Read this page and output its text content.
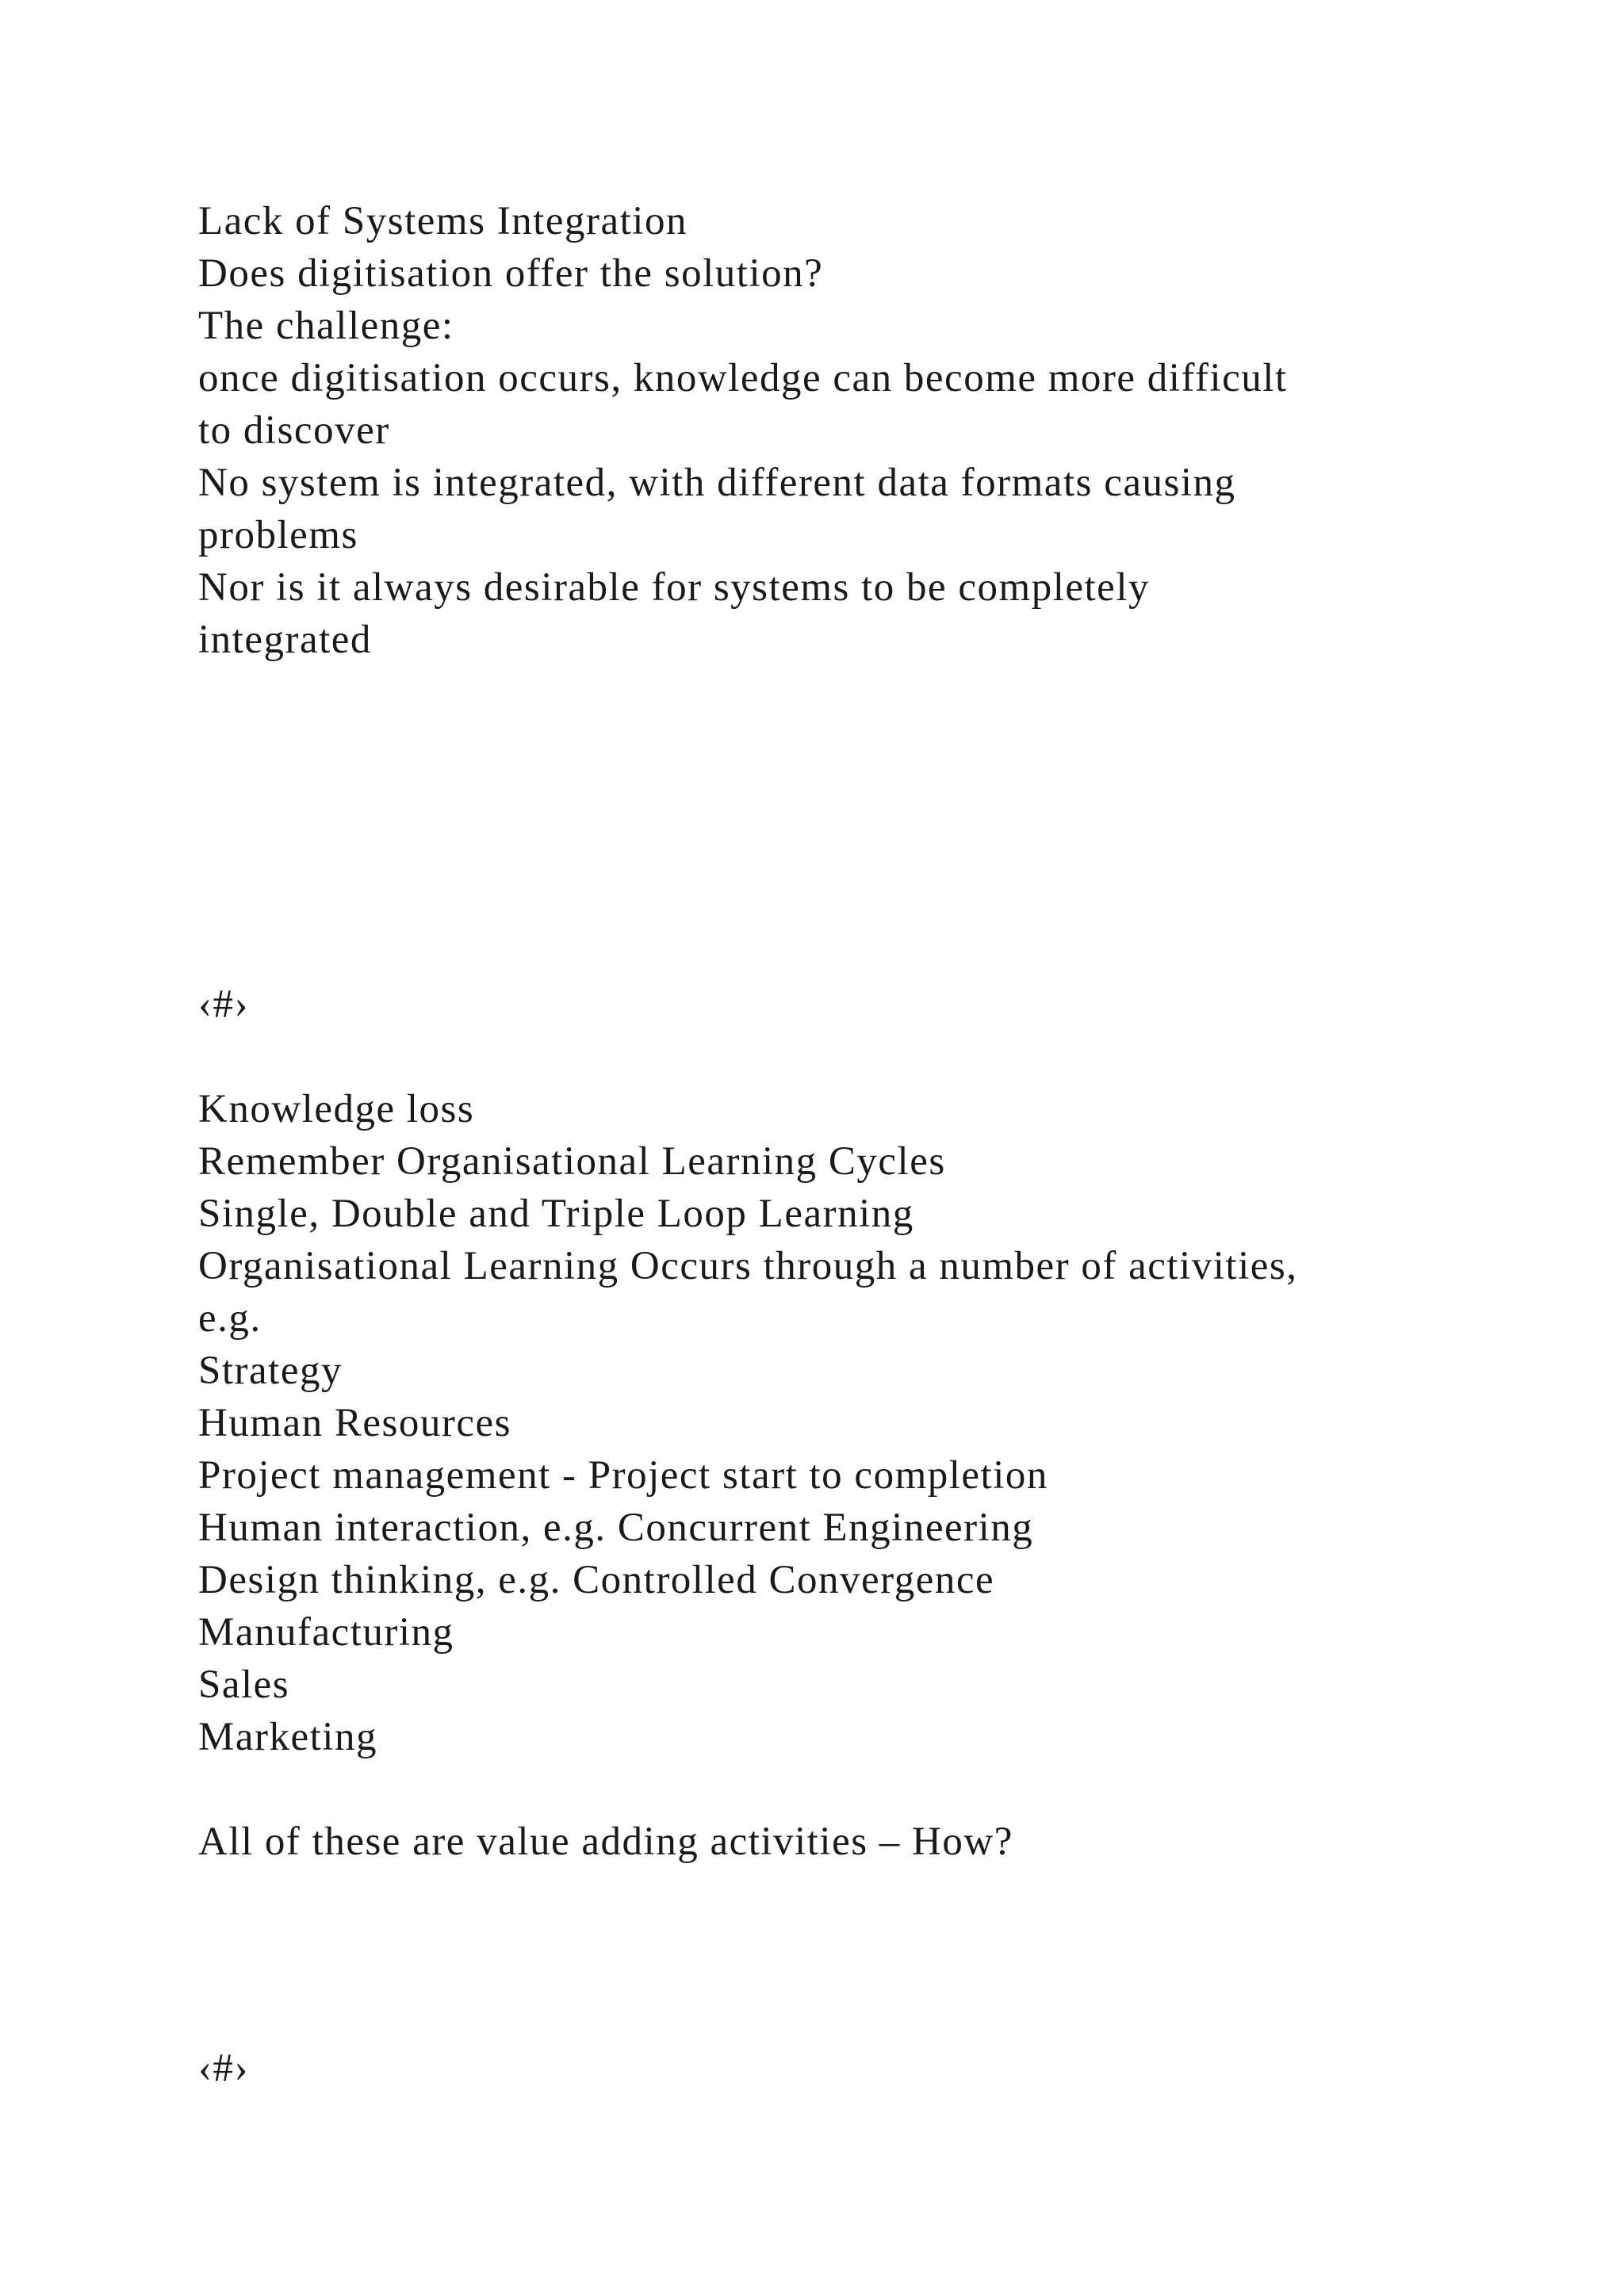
Lack of Systems Integration
Does digitisation offer the solution?
The challenge:
once digitisation occurs, knowledge can become more difficult
to discover
No system is integrated, with different data formats causing
problems
Nor is it always desirable for systems to be completely
integrated
‹#›
Knowledge loss
Remember Organisational Learning Cycles
Single, Double and Triple Loop Learning
Organisational Learning Occurs through a number of activities,
e.g.
Strategy
Human Resources
Project management - Project start to completion
Human interaction, e.g. Concurrent Engineering
Design thinking, e.g. Controlled Convergence
Manufacturing
Sales
Marketing
All of these are value adding activities – How?
‹#›
